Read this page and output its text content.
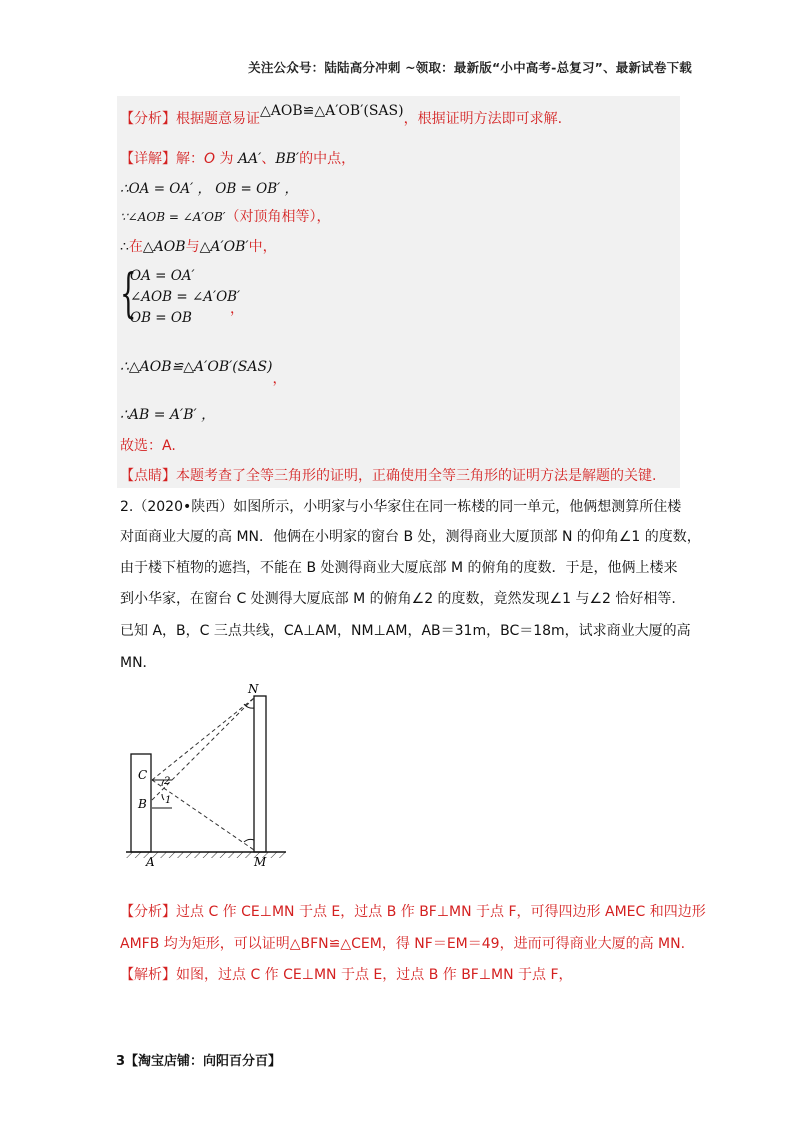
关注公众号：陆陆高分冲刺 ~领取：最新版“小中高考-总复习”、最新试卷下载
【分析】根据题意易证△AOB≌△A′OB′(SAS)，根据证明方法即可求解.
【详解】解：O 为 AA′、BB′的中点，
∴OA = OA′ ， OB = OB′ ，
∵∠AOB = ∠A′OB′（对顶角相等），
∴在△AOB与△A′OB′中，
{
OA = OA′
∠AOB = ∠A′OB′
OB = OB
，
∴△AOB≌△A′OB′(SAS)，
∴AB = A′B′ ，
故选：A.
【点睛】本题考查了全等三角形的证明，正确使用全等三角形的证明方法是解题的关键.
2.（2020•陕西）如图所示，小明家与小华家住在同一栋楼的同一单元，他俩想测算所住楼
对面商业大厦的高 MN．他俩在小明家的窗台 B 处，测得商业大厦顶部 N 的仰角∠1 的度数，
由于楼下植物的遮挡，不能在 B 处测得商业大厦底部 M 的俯角的度数．于是，他俩上楼来
到小华家，在窗台 C 处测得大厦底部 M 的俯角∠2 的度数，竟然发现∠1 与∠2 恰好相等.
已知 A，B，C 三点共线，CA⊥AM，NM⊥AM，AB＝31m，BC＝18m，试求商业大厦的高
MN．
N
C
B
A	M
2
1
【分析】过点 C 作 CE⊥MN 于点 E，过点 B 作 BF⊥MN 于点 F，可得四边形 AMEC 和四边形
AMFB 均为矩形，可以证明△BFN≌△CEM，得 NF＝EM＝49，进而可得商业大厦的高 MN.
【解析】如图，过点 C 作 CE⊥MN 于点 E，过点 B 作 BF⊥MN 于点 F，
3【淘宝店铺：向阳百分百】
